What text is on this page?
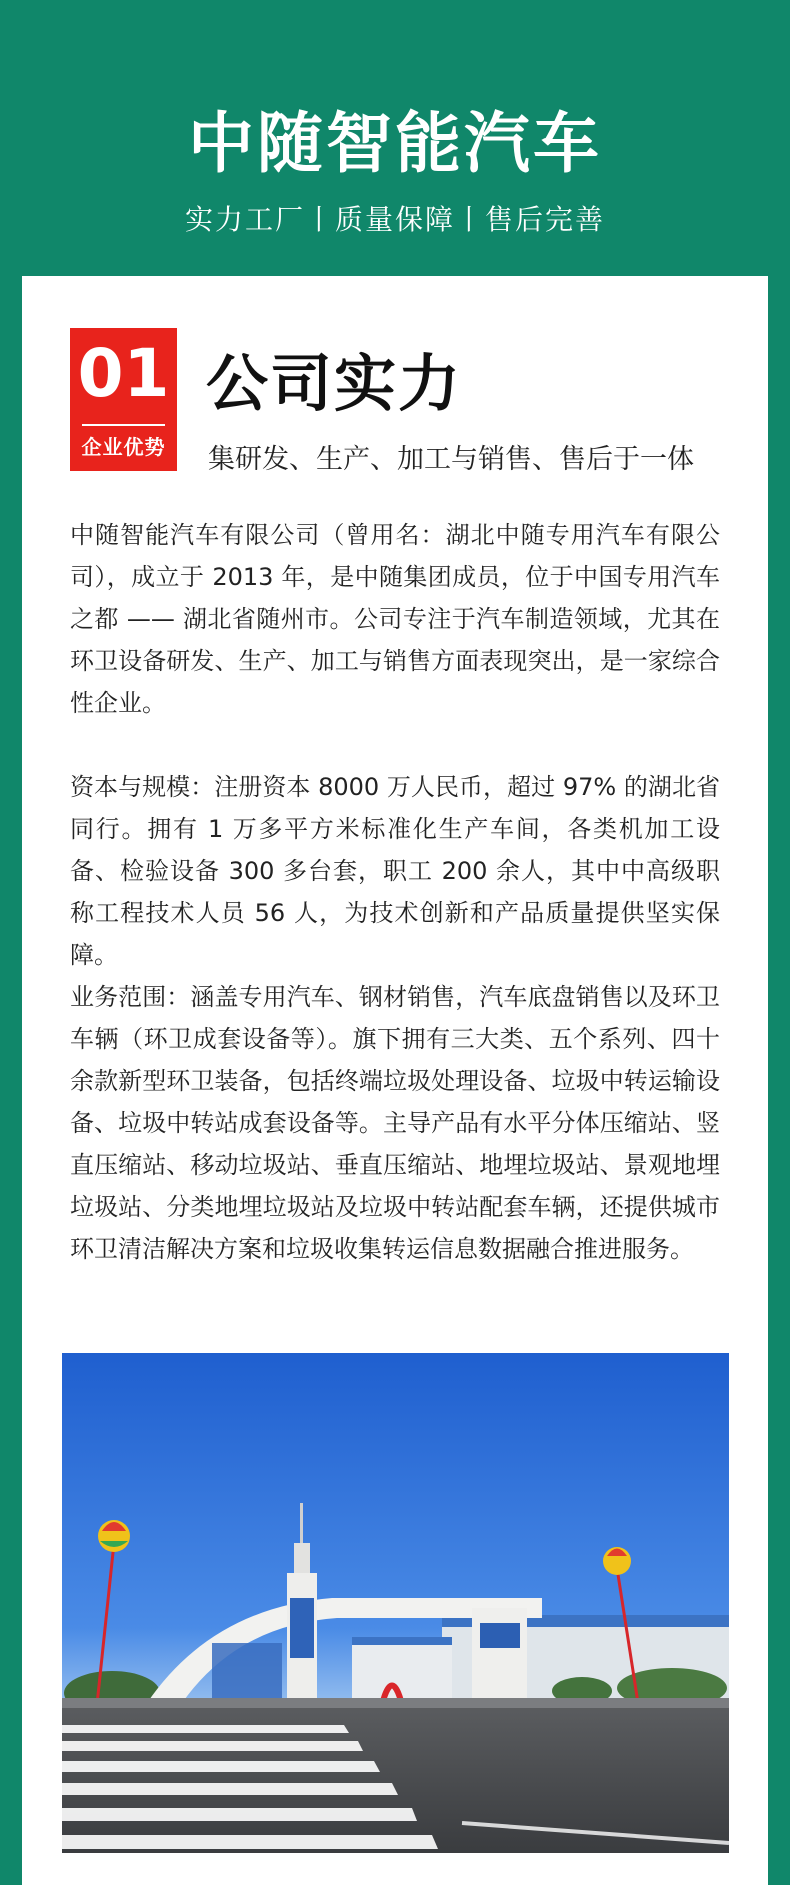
中随智能汽车
实力工厂丨质量保障丨售后完善
01
企业优势
公司实力
集研发、生产、加工与销售、售后于一体

中随智能汽车有限公司（曾用名：湖北中随专用汽车有限公司），成立于 2013 年，是中随集团成员，位于中国专用汽车之都 —— 湖北省随州市。公司专注于汽车制造领域，尤其在环卫设备研发、生产、加工与销售方面表现突出，是一家综合性企业。

资本与规模：注册资本 8000 万人民币，超过 97% 的湖北省同行。拥有 1 万多平方米标准化生产车间，各类机加工设备、检验设备 300 多台套，职工 200 余人，其中中高级职称工程技术人员 56 人，为技术创新和产品质量提供坚实保障。

业务范围：涵盖专用汽车、钢材销售，汽车底盘销售以及环卫车辆（环卫成套设备等）。旗下拥有三大类、五个系列、四十余款新型环卫装备，包括终端垃圾处理设备、垃圾中转运输设备、垃圾中转站成套设备等。主导产品有水平分体压缩站、竖直压缩站、移动垃圾站、垂直压缩站、地埋垃圾站、景观地埋垃圾站、分类地埋垃圾站及垃圾中转站配套车辆，还提供城市环卫清洁解决方案和垃圾收集转运信息数据融合推进服务。
